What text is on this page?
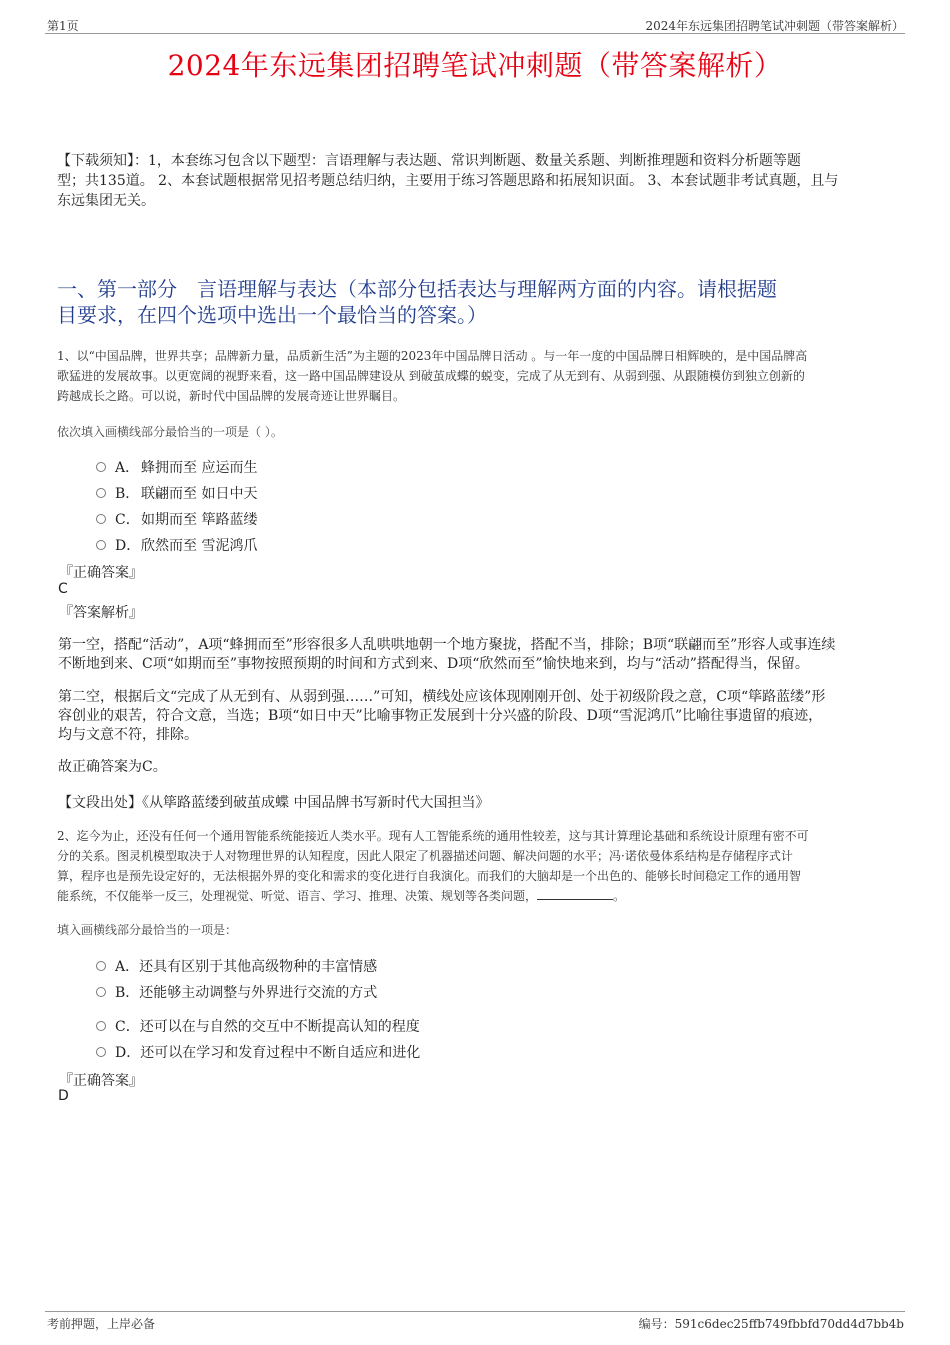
第1页	2024年东远集团招聘笔试冲刺题（带答案解析）
2024年东远集团招聘笔试冲刺题（带答案解析）
【下载须知】：1，本套练习包含以下题型：言语理解与表达题、常识判断题、数量关系题、判断推理题和资料分析题等题
型；共135道。 2、本套试题根据常见招考题总结归纳，主要用于练习答题思路和拓展知识面。 3、本套试题非考试真题，且与
东远集团无关。
一、第一部分　言语理解与表达（本部分包括表达与理解两方面的内容。请根据题
目要求，在四个选项中选出一个最恰当的答案。）
1、以“中国品牌，世界共享；品牌新力量，品质新生活”为主题的2023年中国品牌日活动 。与一年一度的中国品牌日相辉映的，是中国品牌高
歌猛进的发展故事。以更宽阔的视野来看，这一路中国品牌建设从 到破茧成蝶的蜕变，完成了从无到有、从弱到强、从跟随模仿到独立创新的
跨越成长之路。可以说，新时代中国品牌的发展奇迹让世界瞩目。
依次填入画横线部分最恰当的一项是（ ）。
A． 蜂拥而至 应运而生
B． 联翩而至 如日中天
C．如期而至 筚路蓝缕
D．欣然而至 雪泥鸿爪
『正确答案』
C
『答案解析』
第一空，搭配“活动”，A项“蜂拥而至”形容很多人乱哄哄地朝一个地方聚拢，搭配不当，排除；B项“联翩而至”形容人或事连续
不断地到来、C项“如期而至”事物按照预期的时间和方式到来、D项“欣然而至”愉快地来到，均与“活动”搭配得当，保留。
第二空，根据后文“完成了从无到有、从弱到强……”可知，横线处应该体现刚刚开创、处于初级阶段之意，C项“筚路蓝缕”形
容创业的艰苦，符合文意，当选；B项“如日中天”比喻事物正发展到十分兴盛的阶段、D项“雪泥鸿爪”比喻往事遗留的痕迹，
均与文意不符，排除。
故正确答案为C。
【文段出处】《从筚路蓝缕到破茧成蝶 中国品牌书写新时代大国担当》
2、迄今为止，还没有任何一个通用智能系统能接近人类水平。现有人工智能系统的通用性较差，这与其计算理论基础和系统设计原理有密不可
分的关系。图灵机模型取决于人对物理世界的认知程度，因此人限定了机器描述问题、解决问题的水平；冯·诺依曼体系结构是存储程序式计
算，程序也是预先设定好的，无法根据外界的变化和需求的变化进行自我演化。而我们的大脑却是一个出色的、能够长时间稳定工作的通用智
能系统，不仅能举一反三，处理视觉、听觉、语言、学习、推理、决策、规划等各类问题，	。
填入画横线部分最恰当的一项是：
A．还具有区别于其他高级物种的丰富情感
B．还能够主动调整与外界进行交流的方式
C．还可以在与自然的交互中不断提高认知的程度
D．还可以在学习和发育过程中不断自适应和进化
『正确答案』
D
考前押题，上岸必备	编号：591c6dec25ffb749fbbfd70dd4d7bb4b
